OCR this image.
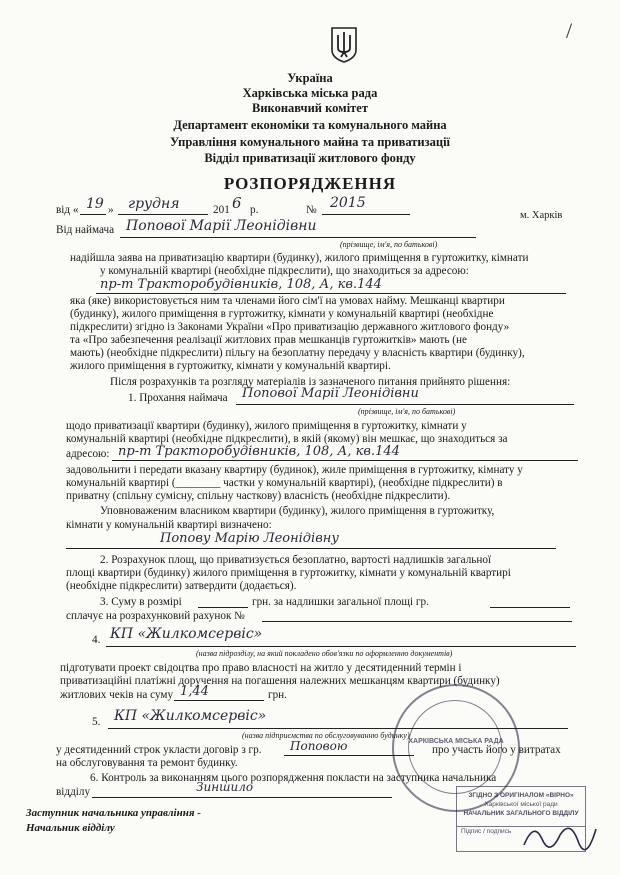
/
Україна
Харківська міська рада
Виконавчий комітет
Департамент економіки та комунального майна
Управління комунального майна та приватизації
Відділ приватизації житлового фонду
РОЗПОРЯДЖЕННЯ
від « 19 » грудня	201 6 р.	№ 2015
м. Харків
Від наймача Попової Марії Леонідівни
(прізвище, ім'я, по батькові)
надійшла заява на приватизацію квартири (будинку), жилого приміщення в гуртожитку, кімнати
у комунальній квартирі (необхідне підкреслити), що знаходиться за адресою:
пр-т Тракторобудівників, 108, А, кв.144
яка (яке) використовується ним та членами його сім'ї на умовах найму. Мешканці квартири
(будинку), жилого приміщення в гуртожитку, кімнати у комунальній квартирі (необхідне
підкреслити) згідно із Законами України «Про приватизацію державного житлового фонду»
та «Про забезпечення реалізації житлових прав мешканців гуртожитків» мають (не
мають) (необхідне підкреслити) пільгу на безоплатну передачу у власність квартири (будинку),
жилого приміщення в гуртожитку, кімнати у комунальній квартирі.
Після розрахунків та розгляду матеріалів із зазначеного питання прийнято рішення:
1. Прохання наймача Попової Марії Леонідівни
(прізвище, ім'я, по батькові)
щодо приватизації квартири (будинку), жилого приміщення в гуртожитку, кімнати у
комунальній квартирі (необхідне підкреслити), в якій (якому) він мешкає, що знаходиться за
адресою: пр-т Тракторобудівників, 108, А, кв.144
задовольнити і передати вказану квартиру (будинок), жиле приміщення в гуртожитку, кімнату у
комунальній квартирі (________ частки у комунальній квартирі), (необхідне підкреслити) в
приватну (спільну сумісну, спільну часткову) власність (необхідне підкреслити).
Уповноваженим власником квартири (будинку), жилого приміщення в гуртожитку,
кімнати у комунальній квартирі визначено:
Попову Марію Леонідівну
2. Розрахунок площ, що приватизується безоплатно, вартості надлишків загальної
площі квартири (будинку) жилого приміщення в гуртожитку, кімнати у комунальній квартирі
(необхідне підкреслити) затвердити (додається).
3. Суму в розмірі	грн. за надлишки загальної площі гр.
сплачує на розрахунковий рахунок №
4. КП «Жилкомсервіс»
(назва підрозділу, на який покладено обов'язки по оформленню документів)
підготувати проект свідоцтва про право власності на житло у десятиденний термін і
приватизаційні платіжні доручення на погашення належних мешканцям квартири (будинку)
житлових чеків на суму 1,44	грн.
5. КП «Жилкомсервіс»
(назва підприємства по обслуговуванню будинку)
у десятиденний строк укласти договір з гр. Поповою	про участь його у витратах
на обслуговування та ремонт будинку.
6. Контроль за виконанням цього розпорядження покласти на заступника начальника
відділу	Зиншило
Заступник начальника управління -
Начальник відділу
ХАРКІВСЬКА МІСЬКА РАДА
ЗГІДНО З ОРИГІНАЛОМ «ВІРНО»
Харківської міської ради
НАЧАЛЬНИК ЗАГАЛЬНОГО ВІДДІЛУ
Підпис / подпись
